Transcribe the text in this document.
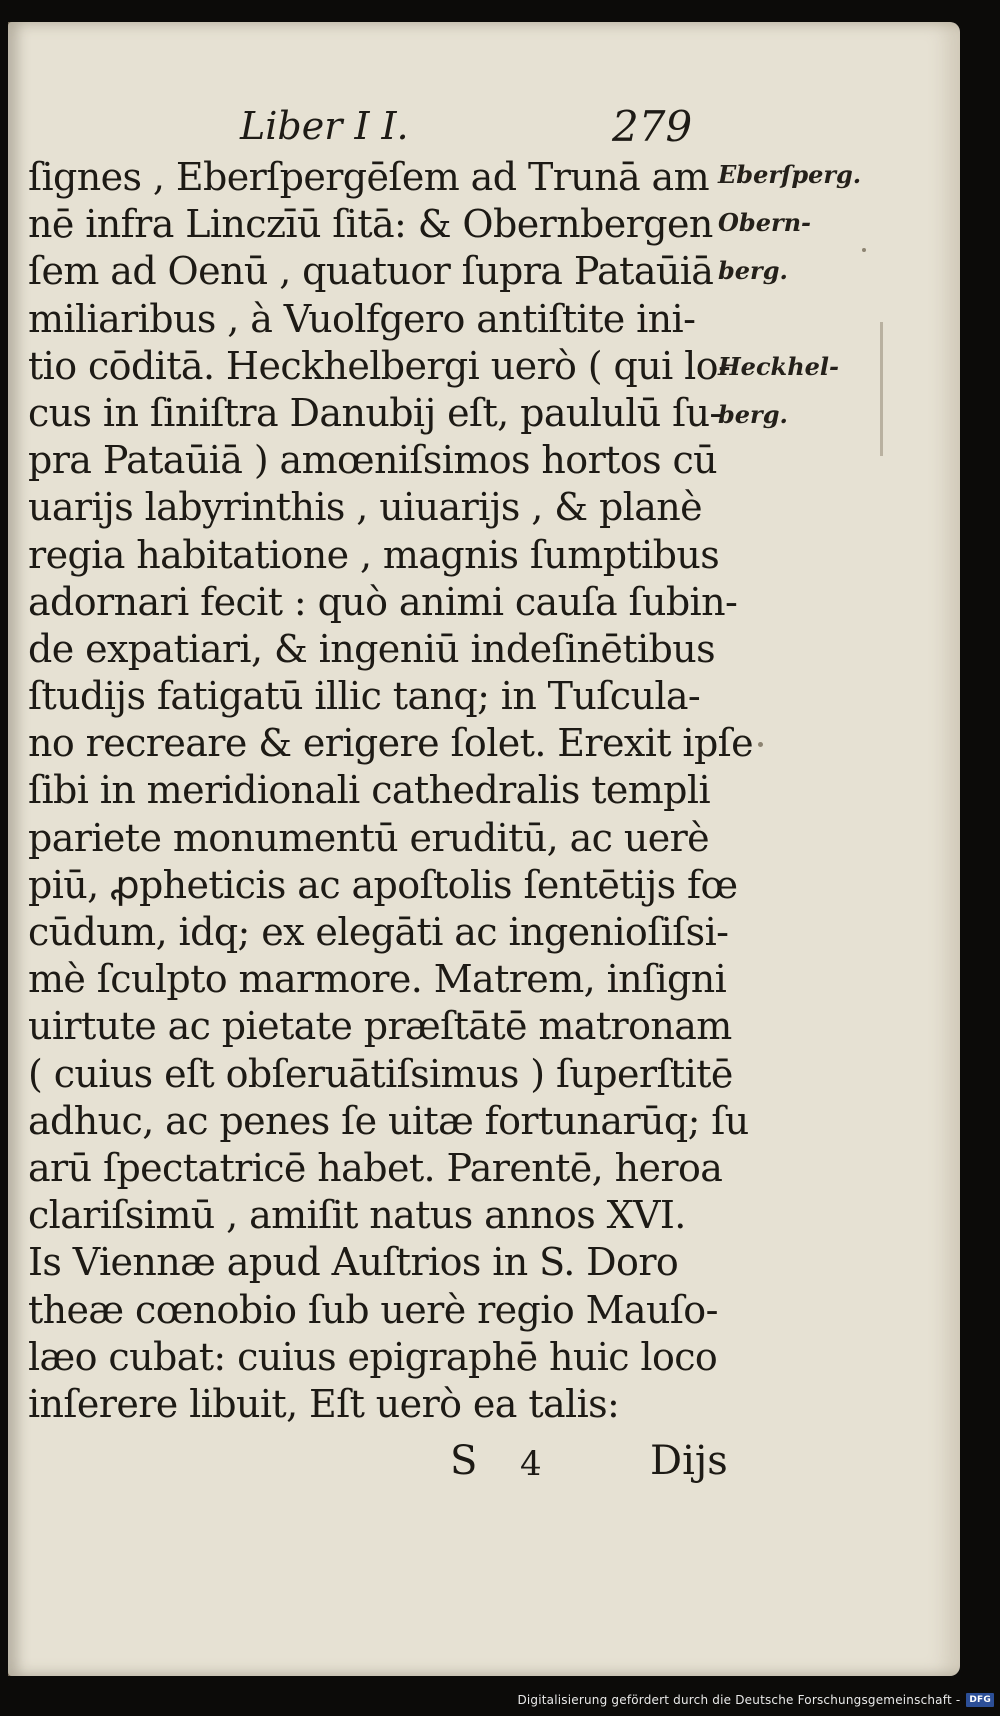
Liber I I.	279
ſignes , Eberſpergēſem ad Trunā am
nē infra Linczīū ſitā: & Obernbergen
ſem ad Oenū , quatuor ſupra Pataūiā
miliaribus , à Vuolfgero antiſtite ini-
tio cōditā. Heckhelbergi uerò ( qui lo-
cus in ſiniſtra Danubij eſt, paululū ſu-
pra Pataūiā ) amœniſsimos hortos cū
uarijs labyrinthis , uiuarijs , & planè
regia habitatione , magnis ſumptibus
adornari fecit : quò animi cauſa ſubin-
de expatiari, & ingeniū indeſinētibus
ſtudijs fatigatū illic tanq; in Tuſcula-
no recreare & erigere ſolet. Erexit ipſe
ſibi in meridionali cathedralis templi
pariete monumentū eruditū, ac uerè
piū, ꝓpheticis ac apoſtolis ſentētijs fœ
cūdum, idq; ex elegāti ac ingenioſiſsi-
mè ſculpto marmore. Matrem, inſigni
uirtute ac pietate præſtātē matronam
( cuius eſt obſeruātiſsimus ) ſuperſtitē
adhuc, ac penes ſe uitæ fortunarūq; ſu
arū ſpectatricē habet. Parentē, heroa
clariſsimū , amiſit natus annos XVI.
Is Viennæ apud Auſtrios in S. Doro
theæ cœnobio ſub uerè regio Mauſo-
læo cubat: cuius epigraphē huic loco
inſerere libuit, Eſt uerò ea talis:
Eberſperg.
Obern-
berg.
Heckhel-
berg.
S 4	Dijs
Digitalisierung gefördert durch die Deutsche Forschungsgemeinschaft -	DFG
